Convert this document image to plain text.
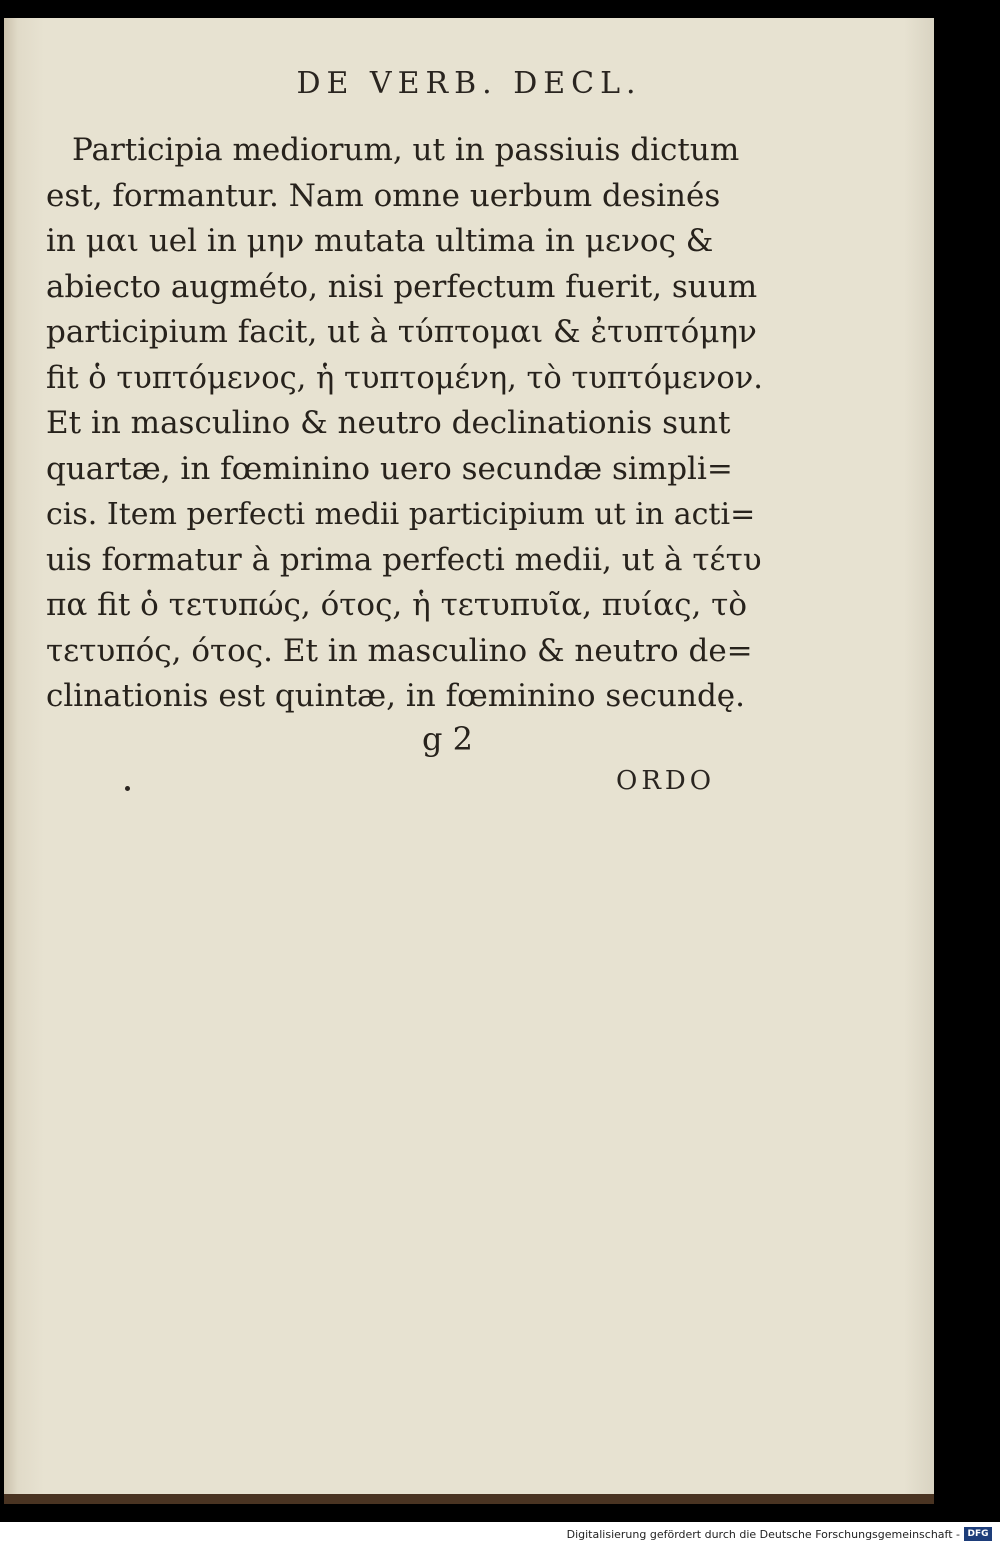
DE VERB. DECL.
Participia mediorum, ut in passiuis dictum
est, formantur. Nam omne uerbum desinés
in μαι uel in μην mutata ultima in μενος &
abiecto augméto, nisi perfectum fuerit, suum
participium facit, ut à τύπτομαι & ἐτυπτόμην
fit ὁ τυπτόμενος, ἡ τυπτομένη, τὸ τυπτόμενον.
Et in masculino & neutro declinationis sunt
quartæ, in fœminino uero secundæ simpli=
cis. Item perfecti medii participium ut in acti=
uis formatur à prima perfecti medii, ut à τέτυ
πα fit ὁ τετυπώς, ότος, ἡ τετυπυῖα, πυίας, τὸ
τετυπός, ότος. Et in masculino & neutro de=
clinationis est quintæ, in fœminino secundę.
g 2
ORDO
Digitalisierung gefördert durch die Deutsche Forschungsgemeinschaft - DFG
